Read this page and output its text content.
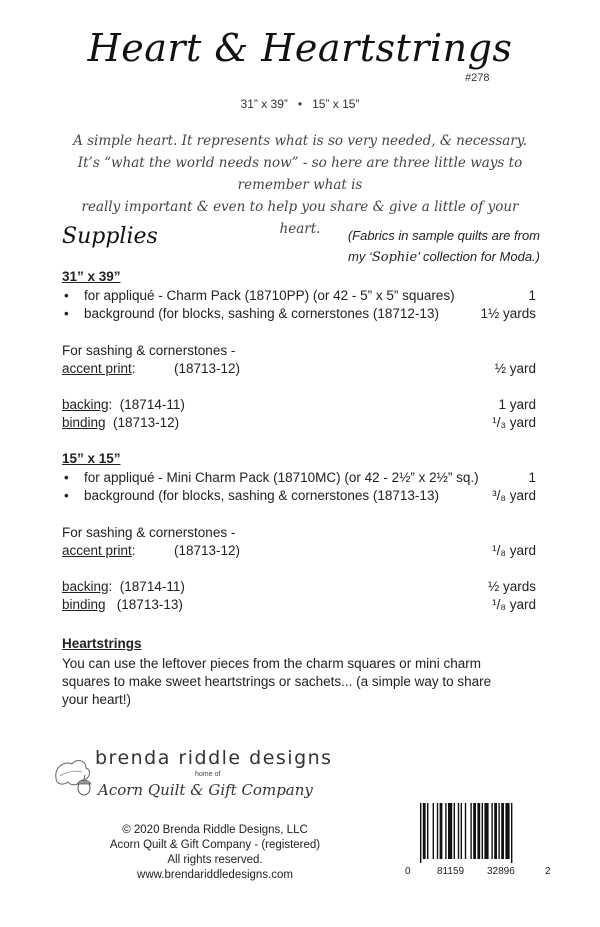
Heart & Heartstrings
#278
31” x 39”   •   15” x 15”
A simple heart. It represents what is so very needed, & necessary.
It’s “what the world needs now” - so here are three little ways to remember what is
really important & even to help you share & give a little of your heart.
Supplies	(Fabrics in sample quilts are from
my ‘Sophie’ collection for Moda.)
31” x 39”
• for appliqué - Charm Pack (18710PP) (or 42 - 5” x 5” squares)	1
• background (for blocks, sashing & cornerstones (18712-13)	1½ yards
For sashing & cornerstones -
accent print:	(18713-12)	½ yard
backing:  (18714-11)	1 yard
binding  (18713-12)	¹/₃ yard
15” x 15”
• for appliqué - Mini Charm Pack (18710MC) (or 42 - 2½” x 2½” sq.)	1
• background (for blocks, sashing & cornerstones (18713-13)	³/₈ yard
For sashing & cornerstones -
accent print:	(18713-12)	¹/₈ yard
backing:  (18714-11)	½ yards
binding   (18713-13)	¹/₈ yard
Heartstrings
You can use the leftover pieces from the charm squares or mini charm
squares to make sweet heartstrings or sachets... (a simple way to share
your heart!)
brenda riddle designs
home of
Acorn Quilt & Gift Company
© 2020 Brenda Riddle Designs, LLC
Acorn Quilt & Gift Company - (registered)
All rights reserved.
www.brendariddledesigns.com	0	81159 32896	2
